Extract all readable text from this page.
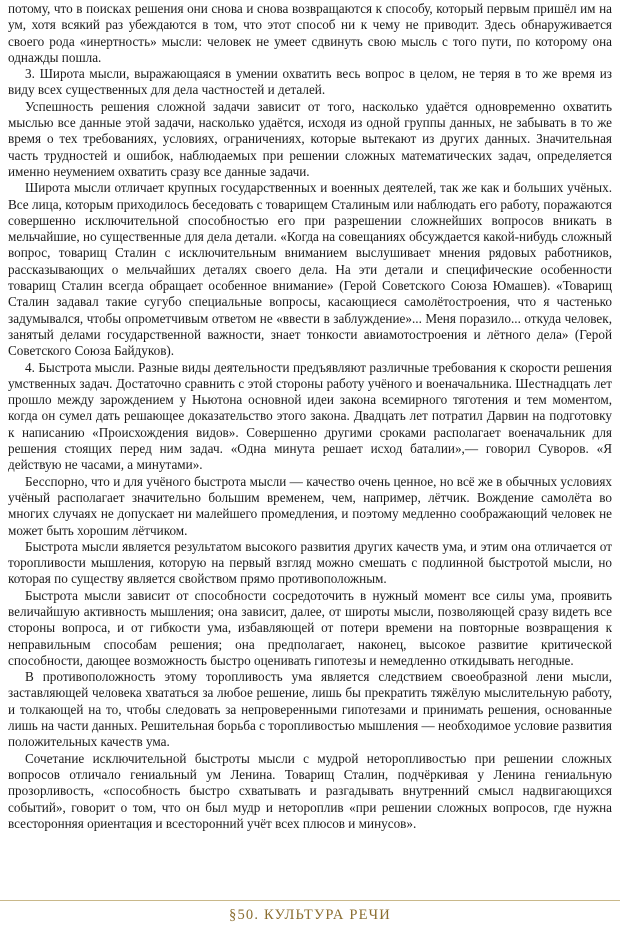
потому, что в поисках решения они снова и снова возвращаются к способу, который первым пришёл им на ум, хотя всякий раз убеждаются в том, что этот способ ни к чему не приводит. Здесь обнаруживается своего рода «инертность» мысли: человек не умеет сдвинуть свою мысль с того пути, по которому она однажды пошла.

3. Широта мысли, выражающаяся в умении охватить весь вопрос в целом, не теряя в то же время из виду всех существенных для дела частностей и деталей.

Успешность решения сложной задачи зависит от того, насколько удаётся одновременно охватить мыслью все данные этой задачи, насколько удаётся, исходя из одной группы данных, не забывать в то же время о тех требованиях, условиях, ограничениях, которые вытекают из других данных. Значительная часть трудностей и ошибок, наблюдаемых при решении сложных математических задач, определяется именно неумением охватить сразу все данные задачи.

Широта мысли отличает крупных государственных и военных деятелей, так же как и больших учёных. Все лица, которым приходилось беседовать с товарищем Сталиным или наблюдать его работу, поражаются совершенно исключительной способностью его при разрешении сложнейших вопросов вникать в мельчайшие, но существенные для дела детали. «Когда на совещаниях обсуждается какой-нибудь сложный вопрос, товарищ Сталин с исключительным вниманием выслушивает мнения рядовых работников, рассказывающих о мельчайших деталях своего дела. На эти детали и специфические особенности товарищ Сталин всегда обращает особенное внимание» (Герой Советского Союза Юмашев). «Товарищ Сталин задавал такие сугубо специальные вопросы, касающиеся самолётостроения, что я частенько задумывался, чтобы опрометчивым ответом не «ввести в заблуждение»... Меня поразило... откуда человек, занятый делами государственной важности, знает тонкости авиамотостроения и лётного дела» (Герой Советского Союза Байдуков).

4. Быстрота мысли. Разные виды деятельности предъявляют различные требования к скорости решения умственных задач. Достаточно сравнить с этой стороны работу учёного и военачальника. Шестнадцать лет прошло между зарождением у Ньютона основной идеи закона всемирного тяготения и тем моментом, когда он сумел дать решающее доказательство этого закона. Двадцать лет потратил Дарвин на подготовку к написанию «Происхождения видов». Совершенно другими сроками располагает военачальник для решения стоящих перед ним задач. «Одна минута решает исход баталии»,— говорил Суворов. «Я действую не часами, а минутами».

Бесспорно, что и для учёного быстрота мысли — качество очень ценное, но всё же в обычных условиях учёный располагает значительно большим временем, чем, например, лётчик. Вождение самолёта во многих случаях не допускает ни малейшего промедления, и поэтому медленно соображающий человек не может быть хорошим лётчиком.

Быстрота мысли является результатом высокого развития других качеств ума, и этим она отличается от торопливости мышления, которую на первый взгляд можно смешать с подлинной быстротой мысли, но которая по существу является свойством прямо противоположным.

Быстрота мысли зависит от способности сосредоточить в нужный момент все силы ума, проявить величайшую активность мышления; она зависит, далее, от широты мысли, позволяющей сразу видеть все стороны вопроса, и от гибкости ума, избавляющей от потери времени на повторные возвращения к неправильным способам решения; она предполагает, наконец, высокое развитие критической способности, дающее возможность быстро оценивать гипотезы и немедленно откидывать негодные.

В противоположность этому торопливость ума является следствием своеобразной лени мысли, заставляющей человека хвататься за любое решение, лишь бы прекратить тяжёлую мыслительную работу, и толкающей на то, чтобы следовать за непроверенными гипотезами и принимать решения, основанные лишь на части данных. Решительная борьба с торопливостью мышления — необходимое условие развития положительных качеств ума.

Сочетание исключительной быстроты мысли с мудрой неторопливостью при решении сложных вопросов отличало гениальный ум Ленина. Товарищ Сталин, подчёркивая у Ленина гениальную прозорливость, «способность быстро схватывать и разгадывать внутренний смысл надвигающихся событий», говорит о том, что он был мудр и нетороплив «при решении сложных вопросов, где нужна всесторонняя ориентация и всесторонний учёт всех плюсов и минусов».

§50. КУЛЬТУРА РЕЧИ
